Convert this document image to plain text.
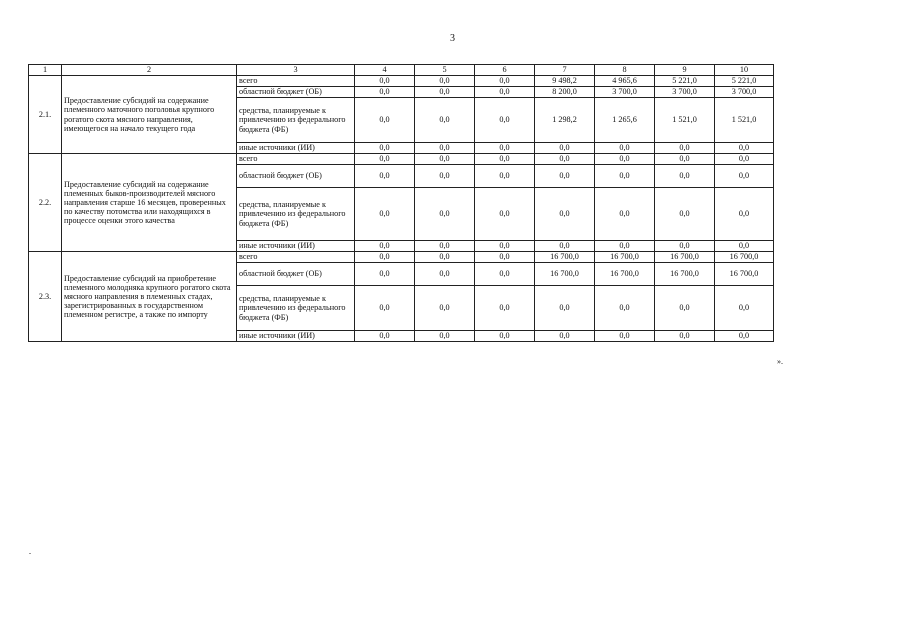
3
1	2	3	4	5	6	7	8	9	10
2.1.	Предоставление субсидий на содержание племенного маточного поголовья крупного рогатого скота мясного направления, имеющегося на начало текущего года	всего	0,0	0,0	0,0	9 498,2	4 965,6	5 221,0	5 221,0
		областной бюджет (ОБ)	0,0	0,0	0,0	8 200,0	3 700,0	3 700,0	3 700,0
		средства, планируемые к привлечению из федерального бюджета (ФБ)	0,0	0,0	0,0	1 298,2	1 265,6	1 521,0	1 521,0
		иные источники (ИИ)	0,0	0,0	0,0	0,0	0,0	0,0	0,0
2.2.	Предоставление субсидий на содержание племенных быков-производителей мясного направления старше 16 месяцев, проверенных по качеству потомства или находящихся в процессе оценки этого качества	всего	0,0	0,0	0,0	0,0	0,0	0,0	0,0
		областной бюджет (ОБ)	0,0	0,0	0,0	0,0	0,0	0,0	0,0
		средства, планируемые к привлечению из федерального бюджета (ФБ)	0,0	0,0	0,0	0,0	0,0	0,0	0,0
		иные источники (ИИ)	0,0	0,0	0,0	0,0	0,0	0,0	0,0
2.3.	Предоставление субсидий на приобретение племенного молодняка крупного рогатого скота мясного направления в племенных стадах, зарегистрированных в государственном племенном регистре, а также по импорту	всего	0,0	0,0	0,0	16 700,0	16 700,0	16 700,0	16 700,0
		областной бюджет (ОБ)	0,0	0,0	0,0	16 700,0	16 700,0	16 700,0	16 700,0
		средства, планируемые к привлечению из федерального бюджета (ФБ)	0,0	0,0	0,0	0,0	0,0	0,0	0,0
		иные источники (ИИ)	0,0	0,0	0,0	0,0	0,0	0,0	0,0
».
